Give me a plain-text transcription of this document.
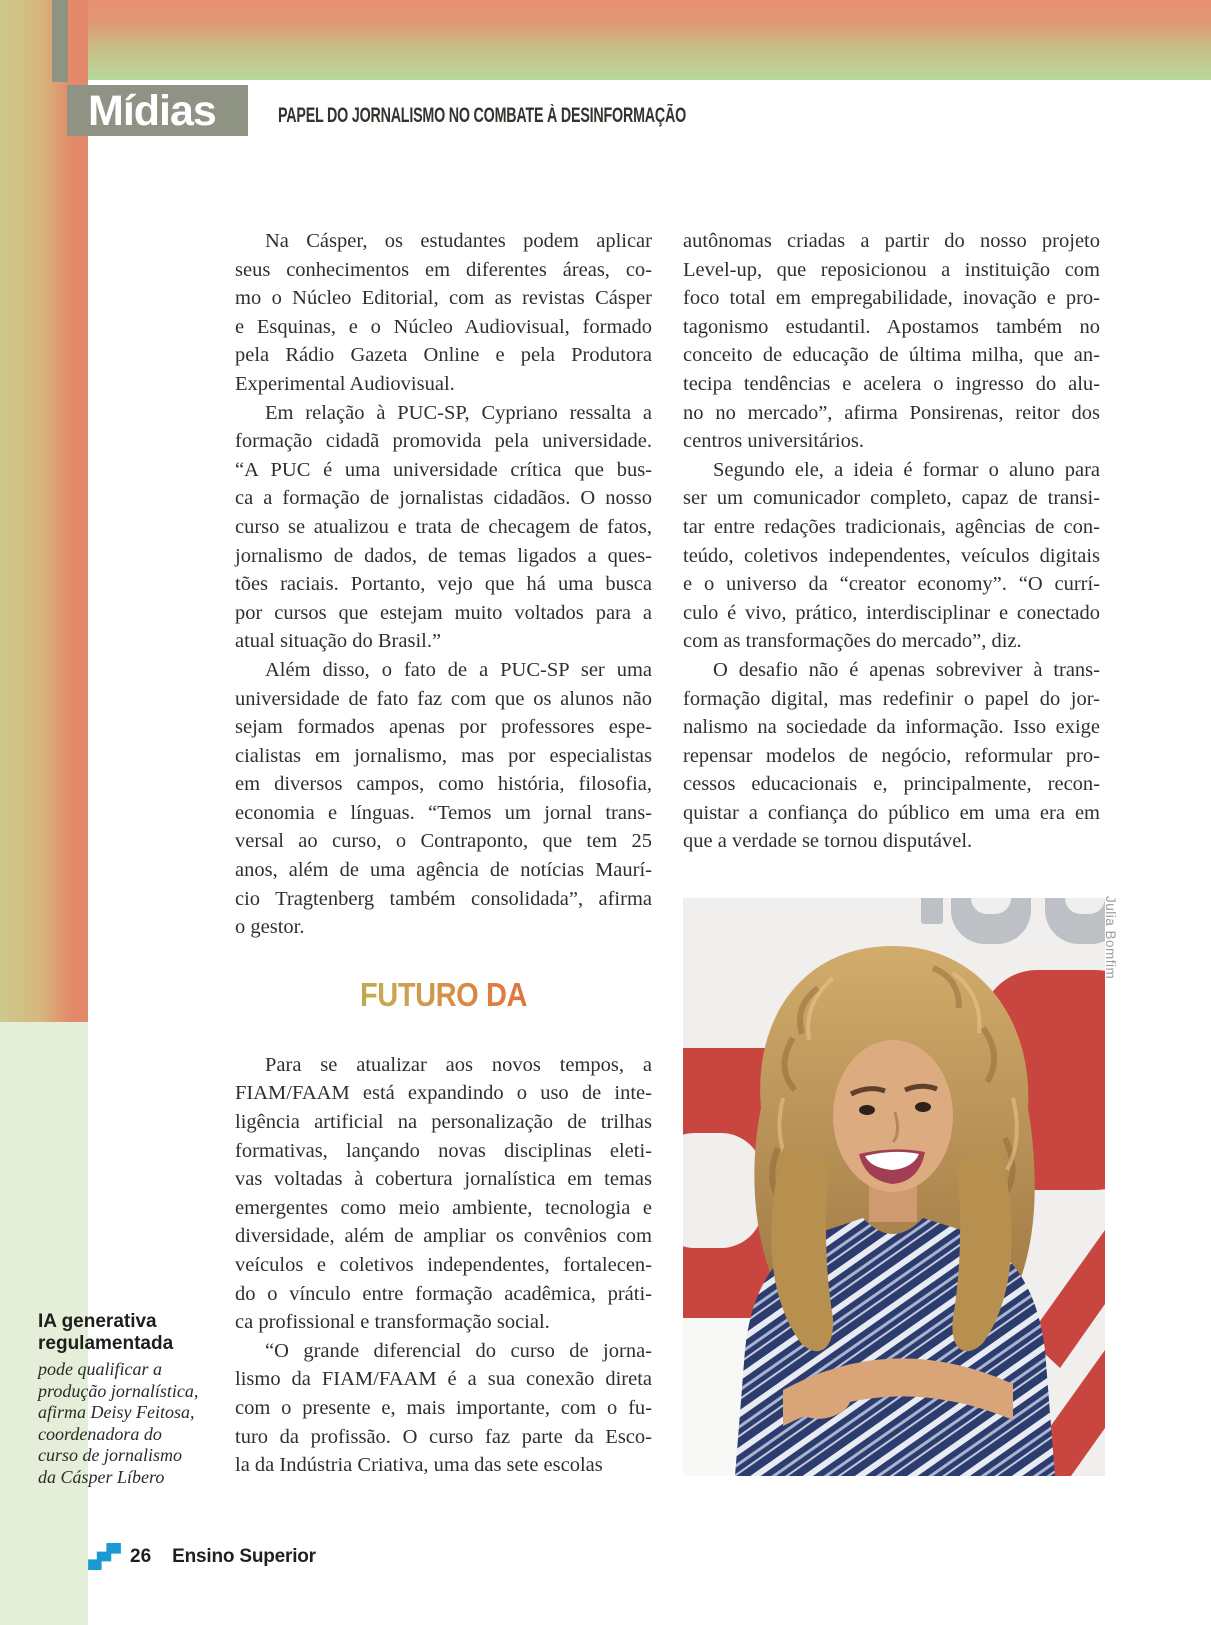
Mídias	PAPEL DO JORNALISMO NO COMBATE À DESINFORMAÇÃO
Na Cásper, os estudantes podem aplicar
seus conhecimentos em diferentes áreas, co-
mo o Núcleo Editorial, com as revistas Cásper
e Esquinas, e o Núcleo Audiovisual, formado
pela Rádio Gazeta Online e pela Produtora
Experimental Audiovisual.
Em relação à PUC-SP, Cypriano ressalta a
formação cidadã promovida pela universidade.
“A PUC é uma universidade crítica que bus-
ca a formação de jornalistas cidadãos. O nosso
curso se atualizou e trata de checagem de fatos,
jornalismo de dados, de temas ligados a ques-
tões raciais. Portanto, vejo que há uma busca
por cursos que estejam muito voltados para a
atual situação do Brasil.”
Além disso, o fato de a PUC-SP ser uma
universidade de fato faz com que os alunos não
sejam formados apenas por professores espe-
cialistas em jornalismo, mas por especialistas
em diversos campos, como história, filosofia,
economia e línguas. “Temos um jornal trans-
versal ao curso, o Contraponto, que tem 25
anos, além de uma agência de notícias Maurí-
cio Tragtenberg também consolidada”, afirma
o gestor.
FUTURO DA INFORMAÇÃO
Para se atualizar aos novos tempos, a
FIAM/FAAM está expandindo o uso de inte-
ligência artificial na personalização de trilhas
formativas, lançando novas disciplinas eleti-
vas voltadas à cobertura jornalística em temas
emergentes como meio ambiente, tecnologia e
diversidade, além de ampliar os convênios com
veículos e coletivos independentes, fortalecen-
do o vínculo entre formação acadêmica, práti-
ca profissional e transformação social.
“O grande diferencial do curso de jorna-
lismo da FIAM/FAAM é a sua conexão direta
com o presente e, mais importante, com o fu-
turo da profissão. O curso faz parte da Esco-
la da Indústria Criativa, uma das sete escolas
autônomas criadas a partir do nosso projeto
Level-up, que reposicionou a instituição com
foco total em empregabilidade, inovação e pro-
tagonismo estudantil. Apostamos também no
conceito de educação de última milha, que an-
tecipa tendências e acelera o ingresso do alu-
no no mercado”, afirma Ponsirenas, reitor dos
centros universitários.
Segundo ele, a ideia é formar o aluno para
ser um comunicador completo, capaz de transi-
tar entre redações tradicionais, agências de con-
teúdo, coletivos independentes, veículos digitais
e o universo da “creator economy”. “O currí-
culo é vivo, prático, interdisciplinar e conectado
com as transformações do mercado”, diz.
O desafio não é apenas sobreviver à trans-
formação digital, mas redefinir o papel do jor-
nalismo na sociedade da informação. Isso exige
repensar modelos de negócio, reformular pro-
cessos educacionais e, principalmente, recon-
quistar a confiança do público em uma era em
que a verdade se tornou disputável.
Julia Bomfim
IA generativa
regulamentada
pode qualificar a
produção jornalística,
afirma Deisy Feitosa,
coordenadora do
curso de jornalismo
da Cásper Líbero
26 Ensino Superior
